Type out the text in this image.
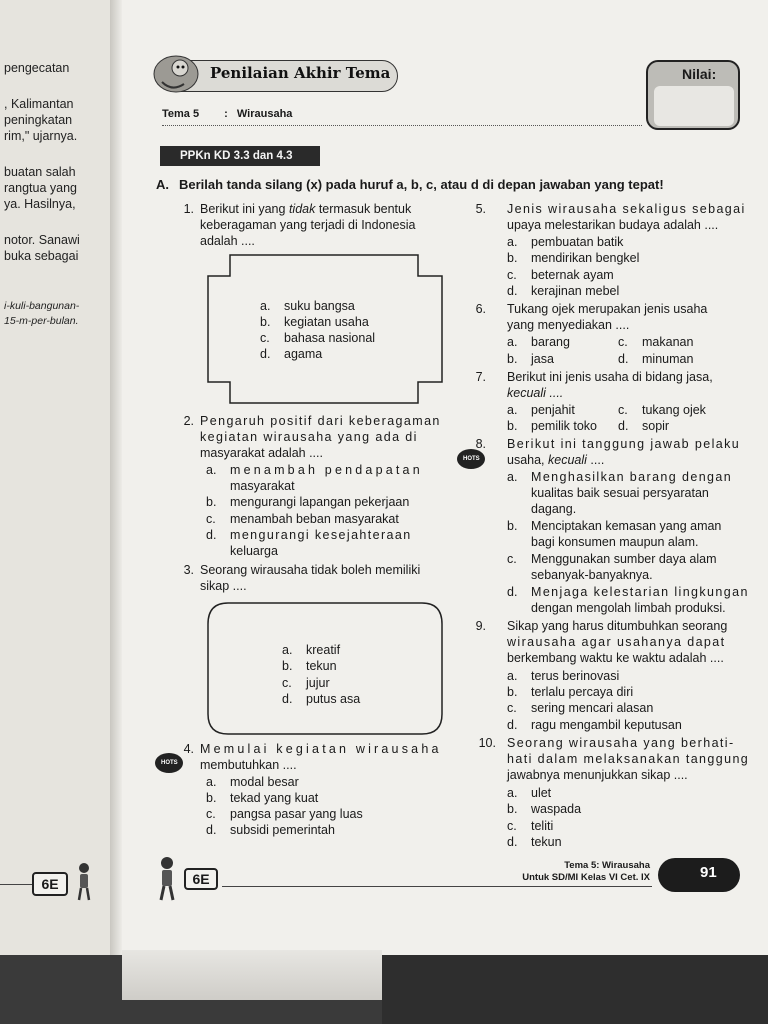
pengecatan
, Kalimantan
peningkatan
rim," ujarnya.
buatan salah
rangtua yang
ya. Hasilnya,
notor. Sanawi
buka sebagai
i-kuli-bangunan-
15-m-per-bulan.
6E
Penilaian Akhir Tema
Tema 5 : Wirausaha
Nilai:
PPKn KD 3.3 dan 4.3
A. Berilah tanda silang (x) pada huruf a, b, c, atau d di depan jawaban yang tepat!
1. Berikut ini yang tidak termasuk bentuk
keberagaman yang terjadi di Indonesia
adalah ....
a. suku bangsa
b. kegiatan usaha
c. bahasa nasional
d. agama
2. Pengaruh positif dari keberagaman
kegiatan wirausaha yang ada di
masyarakat adalah ....
a. menambah pendapatan
masyarakat
b. mengurangi lapangan pekerjaan
c. menambah beban masyarakat
d. mengurangi kesejahteraan
keluarga
3. Seorang wirausaha tidak boleh memiliki
sikap ....
a. kreatif
b. tekun
c. jujur
d. putus asa
HOTS
4. Memulai kegiatan wirausaha
membutuhkan ....
a. modal besar
b. tekad yang kuat
c. pangsa pasar yang luas
d. subsidi pemerintah
5. Jenis wirausaha sekaligus sebagai
upaya melestarikan budaya adalah ....
a. pembuatan batik
b. mendirikan bengkel
c. beternak ayam
d. kerajinan mebel
6. Tukang ojek merupakan jenis usaha
yang menyediakan ....
a. barang	c. makanan
b. jasa	d. minuman
7. Berikut ini jenis usaha di bidang jasa,
kecuali ....
a. penjahit	c. tukang ojek
b. pemilik toko d. sopir
HOTS
8. Berikut ini tanggung jawab pelaku
usaha, kecuali ....
a. Menghasilkan barang dengan
kualitas baik sesuai persyaratan
dagang.
b. Menciptakan kemasan yang aman
bagi konsumen maupun alam.
c. Menggunakan sumber daya alam
sebanyak-banyaknya.
d. Menjaga kelestarian lingkungan
dengan mengolah limbah produksi.
9. Sikap yang harus ditumbuhkan seorang
wirausaha agar usahanya dapat
berkembang waktu ke waktu adalah ....
a. terus berinovasi
b. terlalu percaya diri
c. sering mencari alasan
d. ragu mengambil keputusan
10. Seorang wirausaha yang berhati-
hati dalam melaksanakan tanggung
jawabnya menunjukkan sikap ....
a. ulet
b. waspada
c. teliti
d. tekun
6E
Tema 5: Wirausaha
Untuk SD/MI Kelas VI Cet. IX	91
